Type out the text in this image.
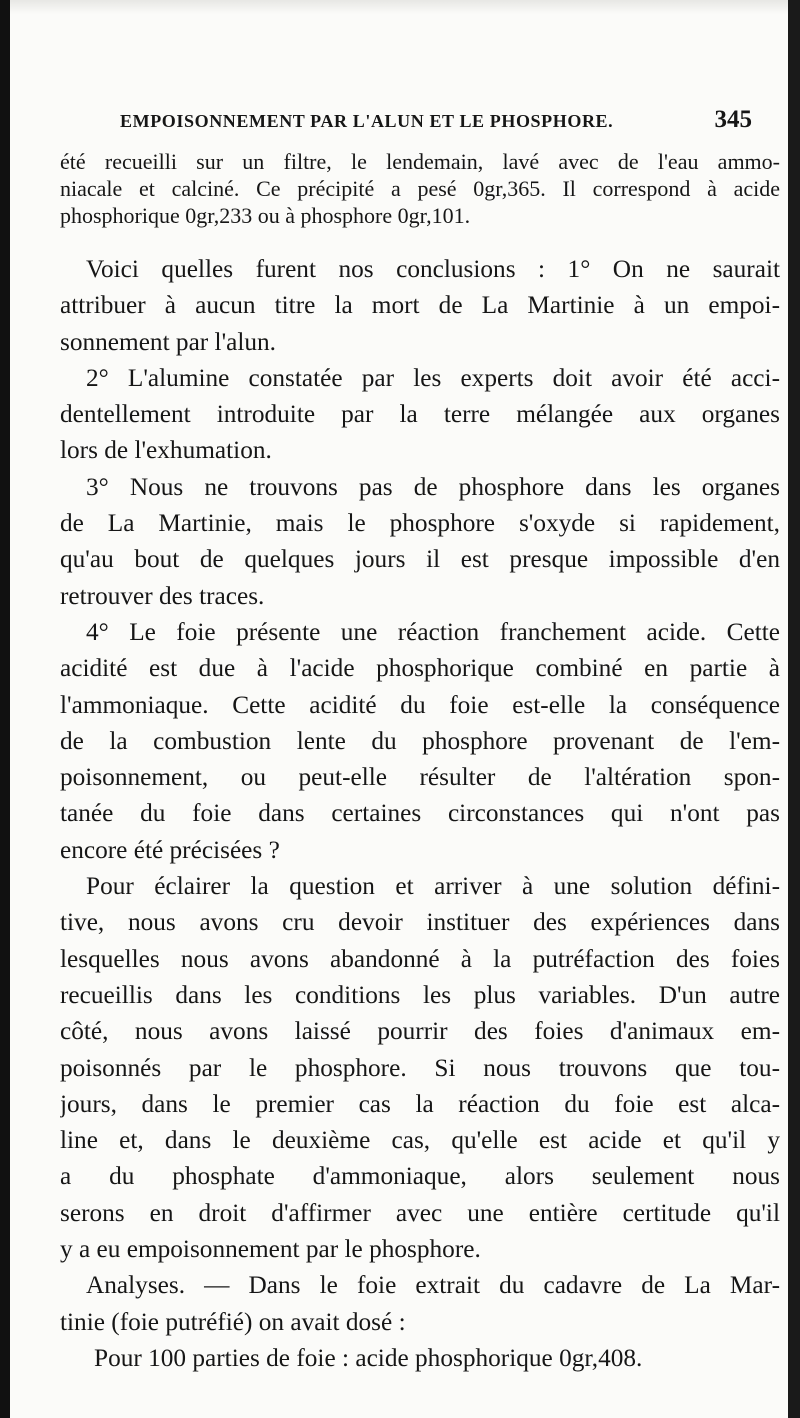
EMPOISONNEMENT PAR L'ALUN ET LE PHOSPHORE.	345
été recueilli sur un filtre, le lendemain, lavé avec de l'eau ammo-
niacale et calciné. Ce précipité a pesé 0gr,365. Il correspond à acide
phosphorique 0gr,233 ou à phosphore 0gr,101.
Voici quelles furent nos conclusions : 1° On ne saurait
attribuer à aucun titre la mort de La Martinie à un empoi-
sonnement par l'alun.
2° L'alumine constatée par les experts doit avoir été acci-
dentellement introduite par la terre mélangée aux organes
lors de l'exhumation.
3° Nous ne trouvons pas de phosphore dans les organes
de La Martinie, mais le phosphore s'oxyde si rapidement,
qu'au bout de quelques jours il est presque impossible d'en
retrouver des traces.
4° Le foie présente une réaction franchement acide. Cette
acidité est due à l'acide phosphorique combiné en partie à
l'ammoniaque. Cette acidité du foie est-elle la conséquence
de la combustion lente du phosphore provenant de l'em-
poisonnement, ou peut-elle résulter de l'altération spon-
tanée du foie dans certaines circonstances qui n'ont pas
encore été précisées ?
Pour éclairer la question et arriver à une solution défini-
tive, nous avons cru devoir instituer des expériences dans
lesquelles nous avons abandonné à la putréfaction des foies
recueillis dans les conditions les plus variables. D'un autre
côté, nous avons laissé pourrir des foies d'animaux em-
poisonnés par le phosphore. Si nous trouvons que tou-
jours, dans le premier cas la réaction du foie est alca-
line et, dans le deuxième cas, qu'elle est acide et qu'il y
a du phosphate d'ammoniaque, alors seulement nous
serons en droit d'affirmer avec une entière certitude qu'il
y a eu empoisonnement par le phosphore.
Analyses. — Dans le foie extrait du cadavre de La Mar-
tinie (foie putréfié) on avait dosé :
Pour 100 parties de foie : acide phosphorique 0gr,408.
